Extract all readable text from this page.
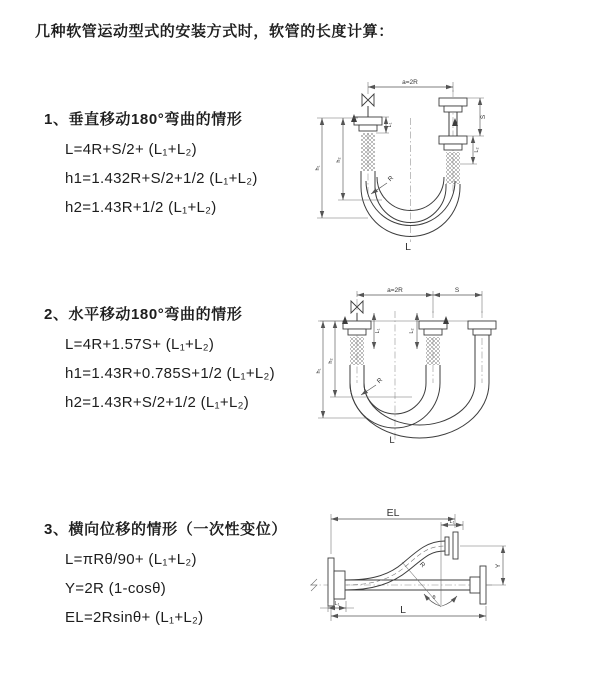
几种软管运动型式的安装方式时，软管的长度计算：
1、垂直移动180°弯曲的情形
L=4R+S/2+ (L₁+L₂)
h1=1.432R+S/2+1/2 (L₁+L₂)
h2=1.43R+1/2 (L₁+L₂)
2、水平移动180°弯曲的情形
L=4R+1.57S+ (L₁+L₂)
h1=1.43R+0.785S+1/2 (L₁+L₂)
h2=1.43R+S/2+1/2 (L₁+L₂)
3、横向位移的情形（一次性变位）
L=πRθ/90+ (L₁+L₂)
Y=2R (1-cosθ)
EL=2Rsinθ+ (L₁+L₂)
a=2R
L₁
S
L₂
h₁
h₂
R
L
a=2R	S
h₁
h₂
L₁	L₂
R
L
θ
R
EL
L₁
Y
L
L₁
